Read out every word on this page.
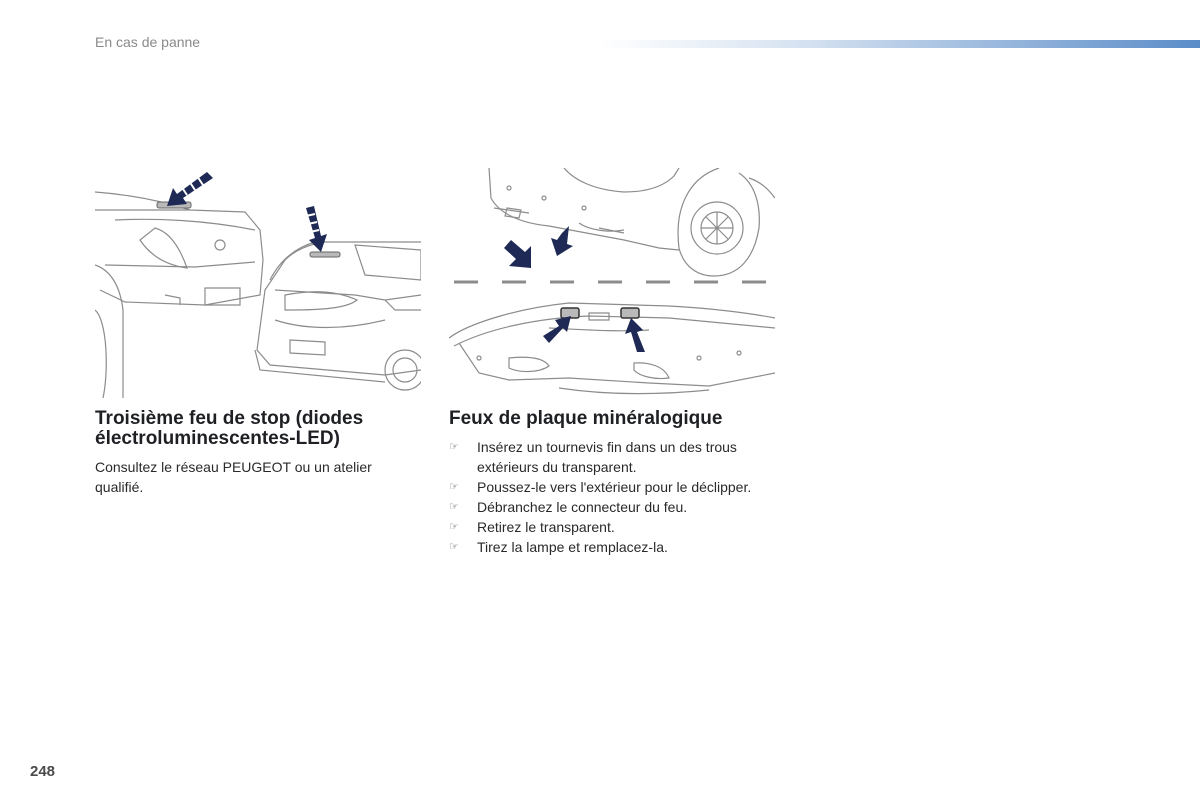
En cas de panne
Troisième feu de stop (diodes électroluminescentes-LED)

Consultez le réseau PEUGEOT ou un atelier qualifié.

Feux de plaque minéralogique
☞ Insérez un tournevis fin dans un des trous extérieurs du transparent.
☞ Poussez-le vers l'extérieur pour le déclipper.
☞ Débranchez le connecteur du feu.
☞ Retirez le transparent.
☞ Tirez la lampe et remplacez-la.
248
